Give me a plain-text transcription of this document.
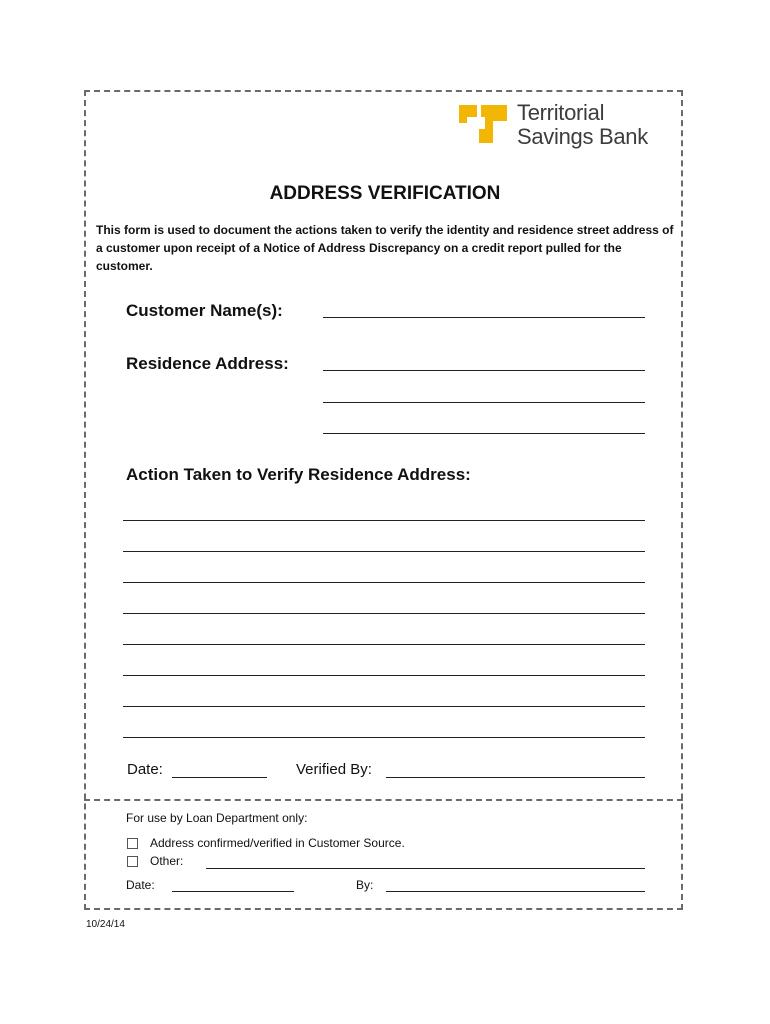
Territorial
Savings Bank
ADDRESS VERIFICATION
This form is used to document the actions taken to verify the identity and residence street address of a customer upon receipt of a Notice of Address Discrepancy on a credit report pulled for the customer.
Customer Name(s):
Residence Address:
Action Taken to Verify Residence Address:
Date:	Verified By:
For use by Loan Department only:
Address confirmed/verified in Customer Source.
Other:
Date:	By:
10/24/14
